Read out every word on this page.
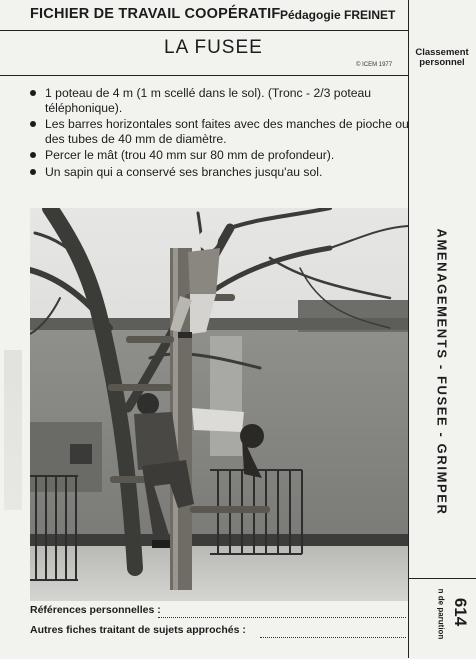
FICHIER DE TRAVAIL COOPÉRATIF Pédagogie FREINET
LA FUSEE
© ICEM 1977
Classement
personnel
AMENAGEMENTS - FUSEE - GRIMPER
n de parution 614
1 poteau de 4 m (1 m scellé dans le sol). (Tronc - 2/3 poteau téléphonique).
Les barres horizontales sont faites avec des manches de pioche ou des tubes de 40 mm de diamètre.
Percer le mât (trou 40 mm sur 80 mm de profondeur).
Un sapin qui a conservé ses branches jusqu'au sol.
Références personnelles :
Autres fiches traitant de sujets approchés :
